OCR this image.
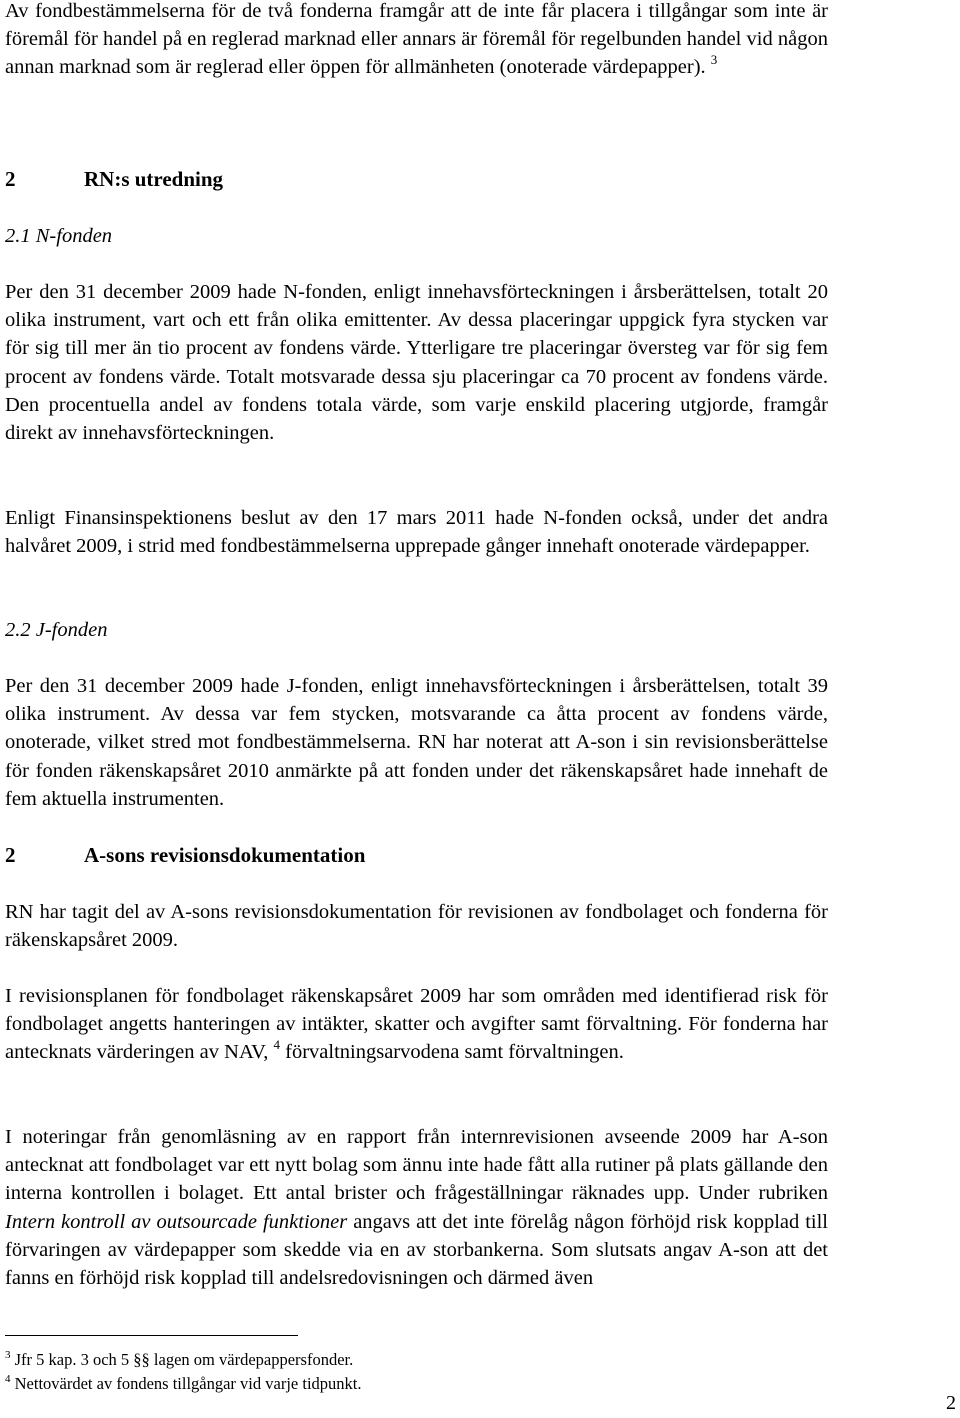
Av fondbestämmelserna för de två fonderna framgår att de inte får placera i tillgångar som inte är föremål för handel på en reglerad marknad eller annars är föremål för regelbunden handel vid någon annan marknad som är reglerad eller öppen för allmänheten (onoterade värdepapper). $^3$

2	RN:s utredning
2.1 N-fonden

Per den 31 december 2009 hade N-fonden, enligt innehavsförteckningen i årsberättelsen, totalt 20 olika instrument, vart och ett från olika emittenter. Av dessa placeringar uppgick fyra stycken var för sig till mer än tio procent av fondens värde. Ytterligare tre placeringar översteg var för sig fem procent av fondens värde. Totalt motsvarade dessa sju placeringar ca 70 procent av fondens värde. Den procentuella andel av fondens totala värde, som varje enskild placering utgjorde, framgår direkt av innehavsförteckningen.

Enligt Finansinspektionens beslut av den 17 mars 2011 hade N-fonden också, under det andra halvåret 2009, i strid med fondbestämmelserna upprepade gånger innehaft onoterade värdepapper.

2.2 J-fonden

Per den 31 december 2009 hade J-fonden, enligt innehavsförteckningen i årsberättelsen, totalt 39 olika instrument. Av dessa var fem stycken, motsvarande ca åtta procent av fondens värde, onoterade, vilket stred mot fondbestämmelserna. RN har noterat att A-son i sin revisionsberättelse för fonden räkenskapsåret 2010 anmärkte på att fonden under det räkenskapsåret hade innehaft de fem aktuella instrumenten.

2	A-sons revisionsdokumentation

RN har tagit del av A-sons revisionsdokumentation för revisionen av fondbolaget och fonderna för räkenskapsåret 2009.

I revisionsplanen för fondbolaget räkenskapsåret 2009 har som områden med identifierad risk för fondbolaget angetts hanteringen av intäkter, skatter och avgifter samt förvaltning. För fonderna har antecknats värderingen av NAV, $^4$ förvaltningsarvodena samt förvaltningen.

I noteringar från genomläsning av en rapport från internrevisionen avseende 2009 har A-son antecknat att fondbolaget var ett nytt bolag som ännu inte hade fått alla rutiner på plats gällande den interna kontrollen i bolaget. Ett antal brister och frågeställningar räknades upp. Under rubriken Intern kontroll av outsourcade funktioner angavs att det inte förelåg någon förhöjd risk kopplad till förvaringen av värdepapper som skedde via en av storbankerna. Som slutsats angav A-son att det fanns en förhöjd risk kopplad till andelsredovisningen och därmed även

$^3$ Jfr 5 kap. 3 och 5 §§ lagen om värdepappersfonder.
$^4$ Nettovärdet av fondens tillgångar vid varje tidpunkt.
2
